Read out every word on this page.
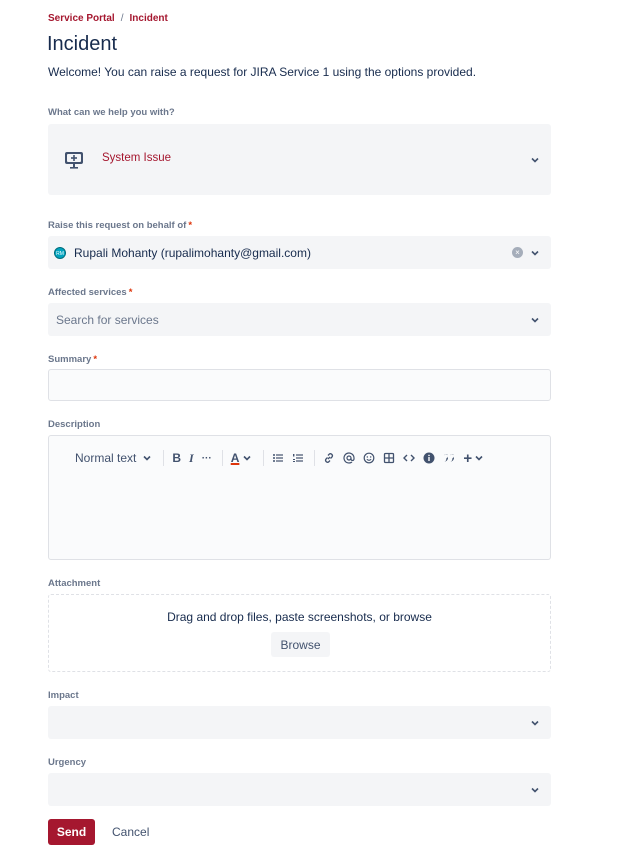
Service Portal / Incident
Incident

Welcome! You can raise a request for JIRA Service 1 using the options provided.

What can we help you with?
System Issue
Raise this request on behalf of *
RM Rupali Mohanty (rupalimohanty@gmail.com)	×
Affected services *
Search for services
Summary *
Description
Normal text	B I ··· A	+
Attachment
Drag and drop files, paste screenshots, or browse
Browse
Impact
Urgency
Send	Cancel
